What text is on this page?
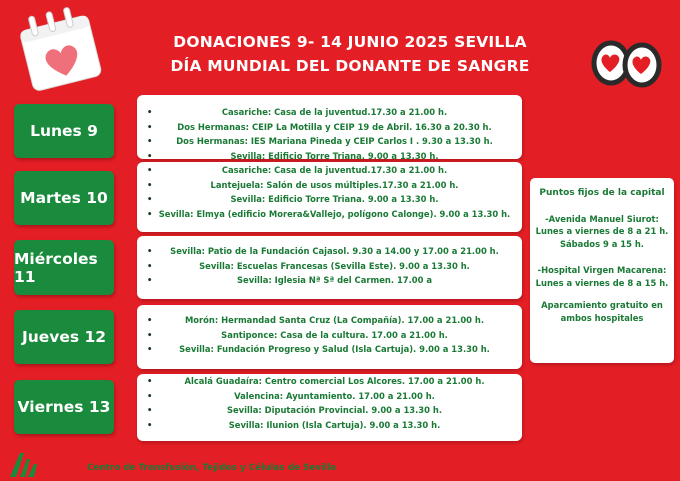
DONACIONES 9- 14 JUNIO 2025 SEVILLA
DÍA MUNDIAL DEL DONANTE DE SANGRE
Lunes 9
• Casariche: Casa de la juventud.17.30 a 21.00 h.
• Dos Hermanas: CEIP La Motilla y CEIP 19 de Abril. 16.30 a 20.30 h.
• Dos Hermanas: IES Mariana Pineda y CEIP Carlos I . 9.30 a 13.30 h.
• Sevilla: Edificio Torre Triana. 9.00 a 13.30 h.
Martes 10
• Casariche: Casa de la juventud.17.30 a 21.00 h.
• Lantejuela: Salón de usos múltiples.17.30 a 21.00 h.
• Sevilla: Edificio Torre Triana. 9.00 a 13.30 h.
• Sevilla: Elmya (edificio Morera&Vallejo, polígono Calonge). 9.00 a 13.30 h.
Miércoles 11
• Sevilla: Patio de la Fundación Cajasol. 9.30 a 14.00 y 17.00 a 21.00 h.
• Sevilla: Escuelas Francesas (Sevilla Este). 9.00 a 13.30 h.
• Sevilla: Iglesia Nª Sª del Carmen. 17.00 a
Jueves 12
• Morón: Hermandad Santa Cruz (La Compañía). 17.00 a 21.00 h.
• Santiponce: Casa de la cultura. 17.00 a 21.00 h.
• Sevilla: Fundación Progreso y Salud (Isla Cartuja). 9.00 a 13.30 h.
Viernes 13
• Alcalá Guadaíra: Centro comercial Los Alcores. 17.00 a 21.00 h.
• Valencina: Ayuntamiento. 17.00 a 21.00 h.
• Sevilla: Diputación Provincial. 9.00 a 13.30 h.
• Sevilla: Ilunion (Isla Cartuja). 9.00 a 13.30 h.
Puntos fijos de la capital

-Avenida Manuel Siurot:
Lunes a viernes de 8 a 21 h.
Sábados 9 a 15 h.

-Hospital Virgen Macarena:
Lunes a viernes de 8 a 15 h.

Aparcamiento gratuito en
ambos hospitales

Centro de Transfusión, Tejidos y Células de Sevilla
